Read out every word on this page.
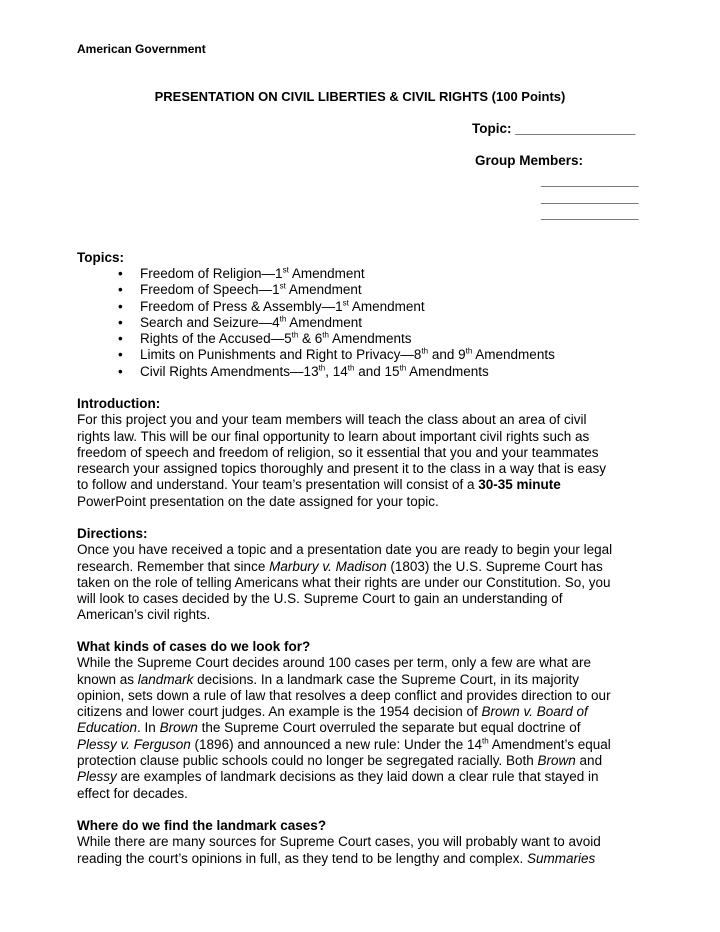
American Government
PRESENTATION ON CIVIL LIBERTIES & CIVIL RIGHTS (100 Points)
Topic: ________________
Group Members:
_____________
_____________
_____________
Topics:
• Freedom of Religion—1st Amendment
• Freedom of Speech—1st Amendment
• Freedom of Press & Assembly—1st Amendment
• Search and Seizure—4th Amendment
• Rights of the Accused—5th & 6th Amendments
• Limits on Punishments and Right to Privacy—8th and 9th Amendments
• Civil Rights Amendments—13th, 14th and 15th Amendments
Introduction:

For this project you and your team members will teach the class about an area of civil
rights law. This will be our final opportunity to learn about important civil rights such as
freedom of speech and freedom of religion, so it essential that you and your teammates
research your assigned topics thoroughly and present it to the class in a way that is easy
to follow and understand. Your team’s presentation will consist of a 30-35 minute
PowerPoint presentation on the date assigned for your topic.

Directions:

Once you have received a topic and a presentation date you are ready to begin your legal
research. Remember that since Marbury v. Madison (1803) the U.S. Supreme Court has
taken on the role of telling Americans what their rights are under our Constitution. So, you
will look to cases decided by the U.S. Supreme Court to gain an understanding of
American’s civil rights.

What kinds of cases do we look for?

While the Supreme Court decides around 100 cases per term, only a few are what are
known as landmark decisions. In a landmark case the Supreme Court, in its majority
opinion, sets down a rule of law that resolves a deep conflict and provides direction to our
citizens and lower court judges. An example is the 1954 decision of Brown v. Board of
Education. In Brown the Supreme Court overruled the separate but equal doctrine of
Plessy v. Ferguson (1896) and announced a new rule: Under the 14th Amendment’s equal
protection clause public schools could no longer be segregated racially. Both Brown and
Plessy are examples of landmark decisions as they laid down a clear rule that stayed in
effect for decades.

Where do we find the landmark cases?

While there are many sources for Supreme Court cases, you will probably want to avoid
reading the court’s opinions in full, as they tend to be lengthy and complex. Summaries
